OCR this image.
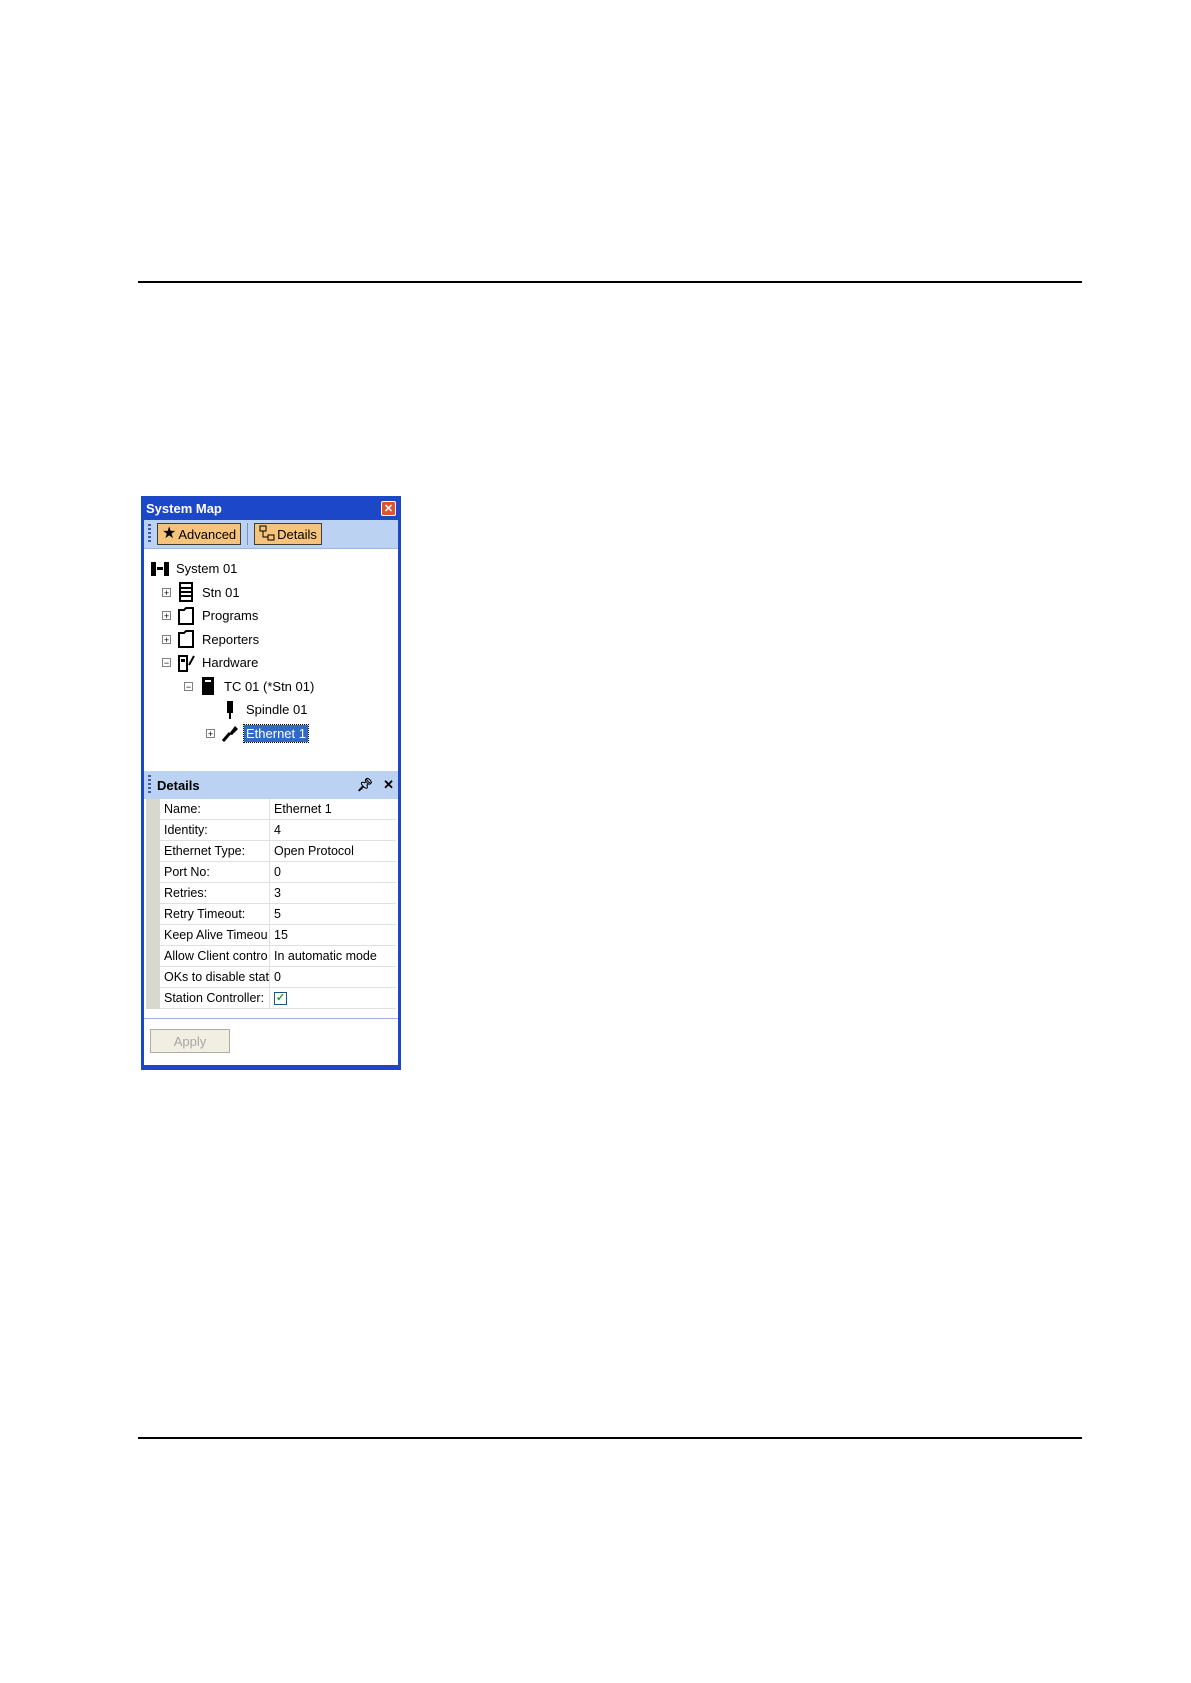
System Map	✕
★ Advanced	Details
System 01
+	Stn 01
+	Programs
+	Reporters
−	Hardware
−	TC 01 (*Stn 01)
Spindle 01
+	Ethernet 1
Details	📌︎ ✕
Name:	Ethernet 1
Identity:	4
Ethernet Type:	Open Protocol
Port No:	0
Retries:	3
Retry Timeout:	5
Keep Alive Timeou 15
Allow Client contro In automatic mode
OKs to disable stat 0
Station Controller:	✓
Apply
